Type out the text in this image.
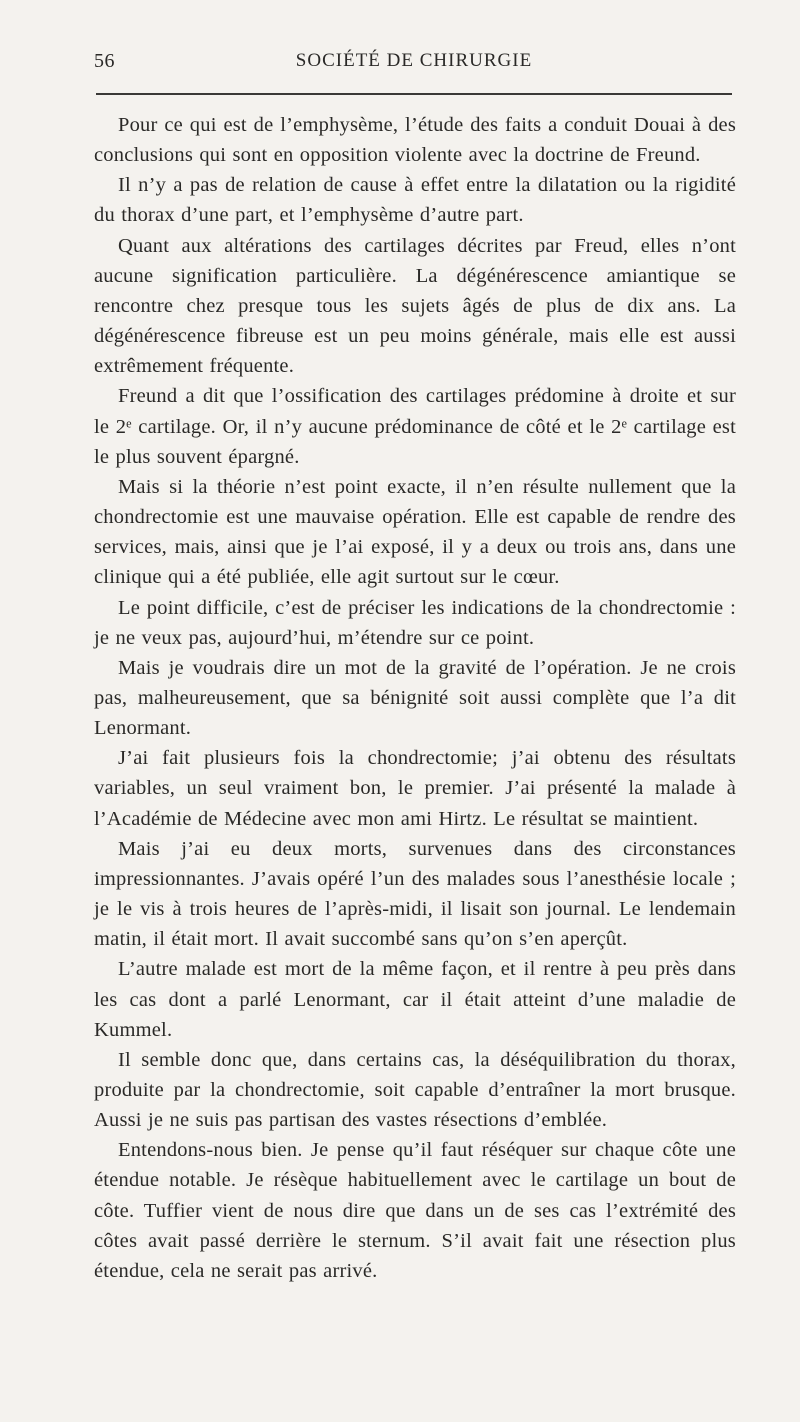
56	SOCIÉTÉ DE CHIRURGIE

Pour ce qui est de l’emphysème, l’étude des faits a conduit Douai à des conclusions qui sont en opposition violente avec la doctrine de Freund.

Il n’y a pas de relation de cause à effet entre la dilatation ou la rigidité du thorax d’une part, et l’emphysème d’autre part.

Quant aux altérations des cartilages décrites par Freud, elles n’ont aucune signification particulière. La dégénérescence amiantique se rencontre chez presque tous les sujets âgés de plus de dix ans. La dégénérescence fibreuse est un peu moins générale, mais elle est aussi extrêmement fréquente.

Freund a dit que l’ossification des cartilages prédomine à droite et sur le 2ᵉ cartilage. Or, il n’y aucune prédominance de côté et le 2ᵉ cartilage est le plus souvent épargné.

Mais si la théorie n’est point exacte, il n’en résulte nullement que la chondrectomie est une mauvaise opération. Elle est capable de rendre des services, mais, ainsi que je l’ai exposé, il y a deux ou trois ans, dans une clinique qui a été publiée, elle agit surtout sur le cœur.

Le point difficile, c’est de préciser les indications de la chondrectomie : je ne veux pas, aujourd’hui, m’étendre sur ce point.

Mais je voudrais dire un mot de la gravité de l’opération. Je ne crois pas, malheureusement, que sa bénignité soit aussi complète que l’a dit Lenormant.

J’ai fait plusieurs fois la chondrectomie; j’ai obtenu des résultats variables, un seul vraiment bon, le premier. J’ai présenté la malade à l’Académie de Médecine avec mon ami Hirtz. Le résultat se maintient.

Mais j’ai eu deux morts, survenues dans des circonstances impressionnantes. J’avais opéré l’un des malades sous l’anesthésie locale ; je le vis à trois heures de l’après-midi, il lisait son journal. Le lendemain matin, il était mort. Il avait succombé sans qu’on s’en aperçût.

L’autre malade est mort de la même façon, et il rentre à peu près dans les cas dont a parlé Lenormant, car il était atteint d’une maladie de Kummel.

Il semble donc que, dans certains cas, la déséquilibration du thorax, produite par la chondrectomie, soit capable d’entraîner la mort brusque. Aussi je ne suis pas partisan des vastes résections d’emblée.

Entendons-nous bien. Je pense qu’il faut réséquer sur chaque côte une étendue notable. Je résèque habituellement avec le cartilage un bout de côte. Tuffier vient de nous dire que dans un de ses cas l’extrémité des côtes avait passé derrière le sternum. S’il avait fait une résection plus étendue, cela ne serait pas arrivé.
